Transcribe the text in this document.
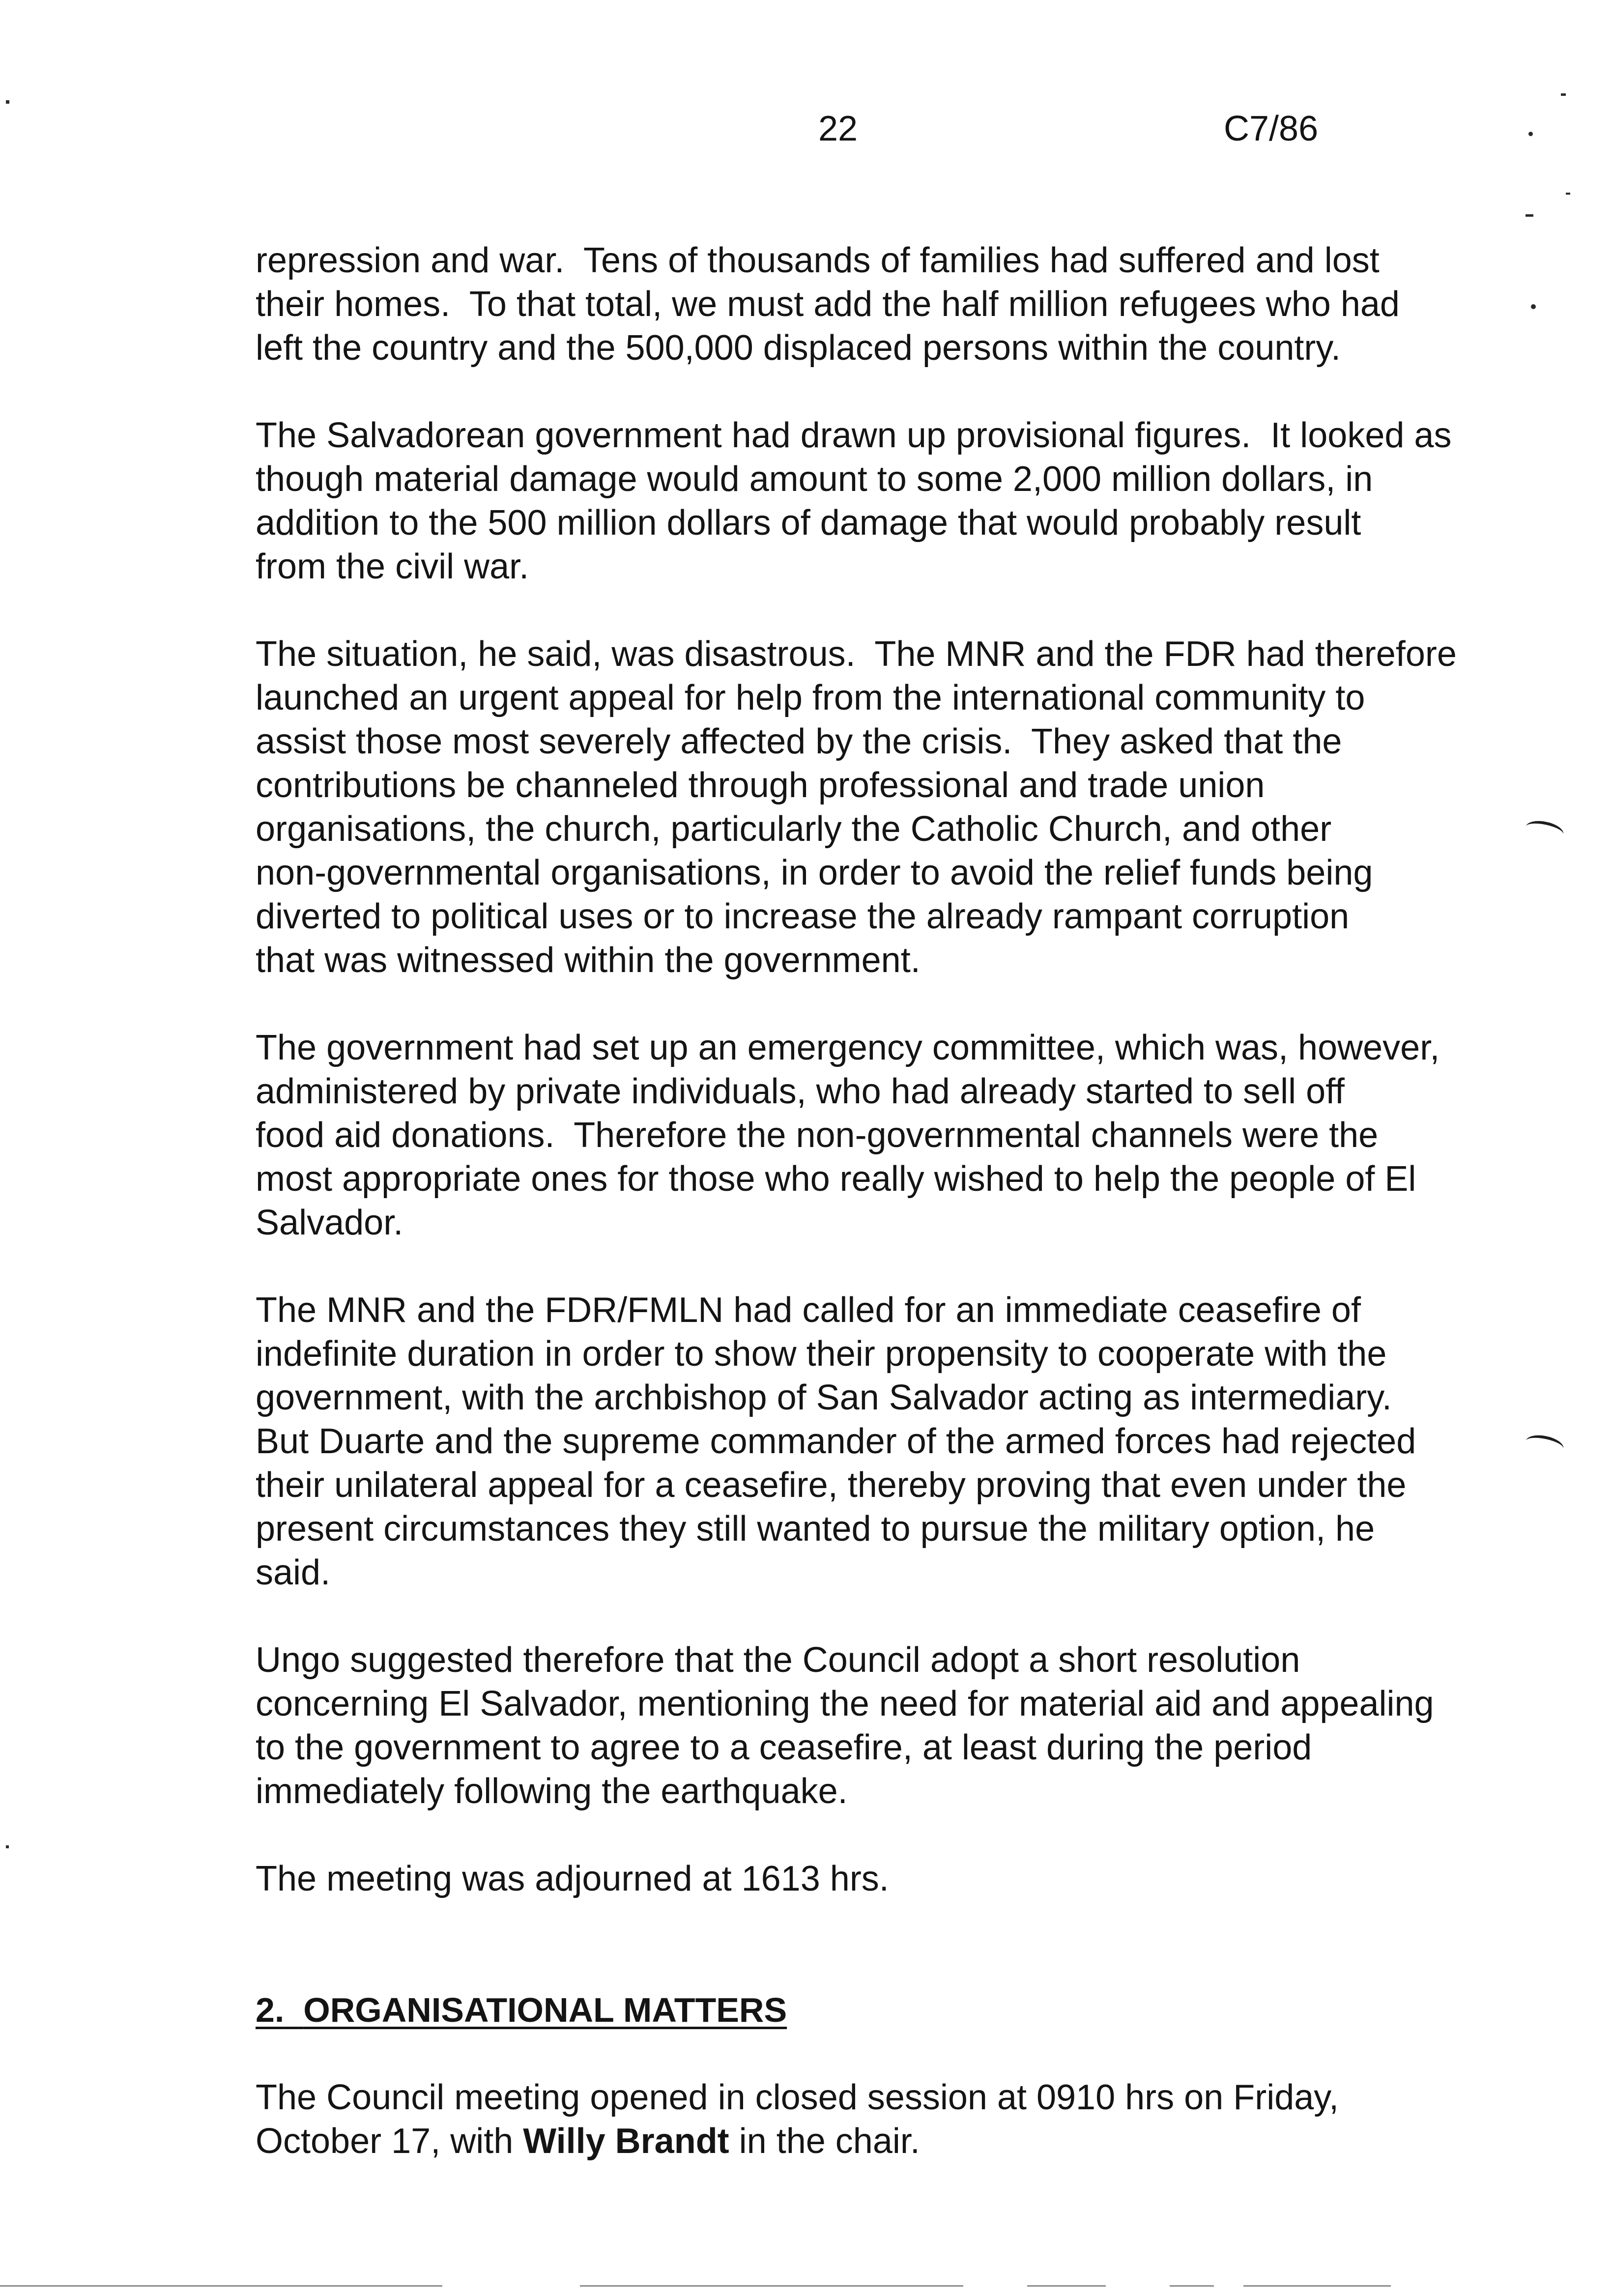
22	C7/86
repression and war.  Tens of thousands of families had suffered and lost
their homes.  To that total, we must add the half million refugees who had
left the country and the 500,000 displaced persons within the country.
The Salvadorean government had drawn up provisional figures.  It looked as
though material damage would amount to some 2,000 million dollars, in
addition to the 500 million dollars of damage that would probably result
from the civil war.
The situation, he said, was disastrous.  The MNR and the FDR had therefore
launched an urgent appeal for help from the international community to
assist those most severely affected by the crisis.  They asked that the
contributions be channeled through professional and trade union
organisations, the church, particularly the Catholic Church, and other
non-governmental organisations, in order to avoid the relief funds being
diverted to political uses or to increase the already rampant corruption
that was witnessed within the government.
The government had set up an emergency committee, which was, however,
administered by private individuals, who had already started to sell off
food aid donations.  Therefore the non-governmental channels were the
most appropriate ones for those who really wished to help the people of El
Salvador.
The MNR and the FDR/FMLN had called for an immediate ceasefire of
indefinite duration in order to show their propensity to cooperate with the
government, with the archbishop of San Salvador acting as intermediary.
But Duarte and the supreme commander of the armed forces had rejected
their unilateral appeal for a ceasefire, thereby proving that even under the
present circumstances they still wanted to pursue the military option, he
said.
Ungo suggested therefore that the Council adopt a short resolution
concerning El Salvador, mentioning the need for material aid and appealing
to the government to agree to a ceasefire, at least during the period
immediately following the earthquake.
The meeting was adjourned at 1613 hrs.
2. ORGANISATIONAL MATTERS
The Council meeting opened in closed session at 0910 hrs on Friday,
October 17, with Willy Brandt in the chair.
